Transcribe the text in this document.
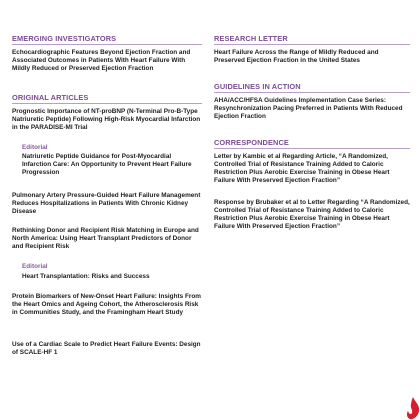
EMERGING INVESTIGATORS
Echocardiographic Features Beyond Ejection Fraction and Associated Outcomes in Patients With Heart Failure With Mildly Reduced or Preserved Ejection Fraction
ORIGINAL ARTICLES
Prognostic Importance of NT-proBNP (N-Terminal Pro-B-Type Natriuretic Peptide) Following High-Risk Myocardial Infarction in the PARADISE-MI Trial
Editorial
Natriuretic Peptide Guidance for Post-Myocardial Infarction Care: An Opportunity to Prevent Heart Failure Progression
Pulmonary Artery Pressure-Guided Heart Failure Management Reduces Hospitalizations in Patients With Chronic Kidney Disease
Rethinking Donor and Recipient Risk Matching in Europe and North America: Using Heart Transplant Predictors of Donor and Recipient Risk
Editorial
Heart Transplantation: Risks and Success
Protein Biomarkers of New-Onset Heart Failure: Insights From the Heart Omics and Ageing Cohort, the Atherosclerosis Risk in Communities Study, and the Framingham Heart Study
Use of a Cardiac Scale to Predict Heart Failure Events: Design of SCALE-HF 1
RESEARCH LETTER
Heart Failure Across the Range of Mildly Reduced and Preserved Ejection Fraction in the United States
GUIDELINES IN ACTION
AHA/ACC/HFSA Guidelines Implementation Case Series: Resynchronization Pacing Preferred in Patients With Reduced Ejection Fraction
CORRESPONDENCE
Letter by Kambic et al Regarding Article, “A Randomized, Controlled Trial of Resistance Training Added to Caloric Restriction Plus Aerobic Exercise Training in Obese Heart Failure With Preserved Ejection Fraction”
Response by Brubaker et al to Letter Regarding “A Randomized, Controlled Trial of Resistance Training Added to Caloric Restriction Plus Aerobic Exercise Training in Obese Heart Failure With Preserved Ejection Fraction”
